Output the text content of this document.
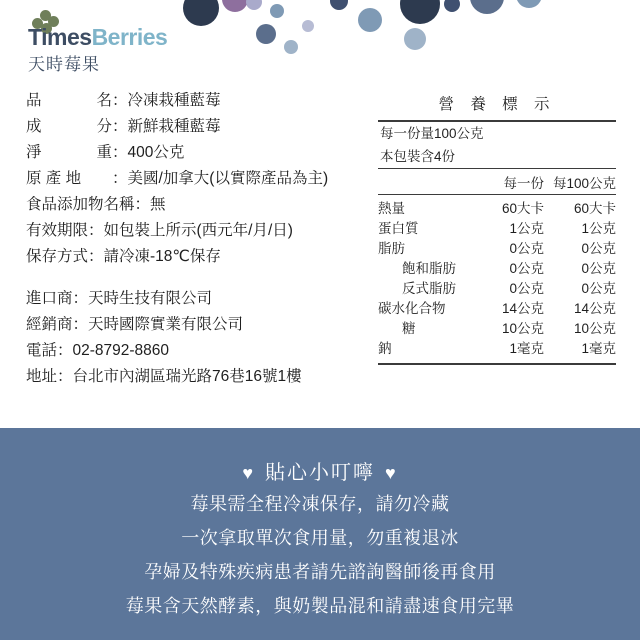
TimesBerries
天時莓果
品	名 ：冷凍栽種藍莓
成	分 ：新鮮栽種藍莓
淨	重 ：400公克
原 產 地	：美國/加拿大(以實際產品為主)
食品添加物名稱 ：無
有效期限 ：如包裝上所示(西元年/月/日)
保存方式 ：請冷凍-18℃保存
進口商 ：天時生技有限公司
經銷商 ：天時國際實業有限公司
電話 ：02-8792-8860
地址 ：台北市內湖區瑞光路76巷16號1樓
營 養 標 示
每一份量100公克
本包裝含4份
每一份 每100公克
熱量	60大卡	60大卡
蛋白質	1公克	1公克
脂肪	0公克	0公克
飽和脂肪	0公克	0公克
反式脂肪	0公克	0公克
碳水化合物	14公克	14公克
糖	10公克	10公克
鈉	1毫克	1毫克
♥ 貼心小叮嚀 ♥
莓果需全程冷凍保存，請勿冷藏
一次拿取單次食用量，勿重複退冰
孕婦及特殊疾病患者請先諮詢醫師後再食用
莓果含天然酵素，與奶製品混和請盡速食用完畢
